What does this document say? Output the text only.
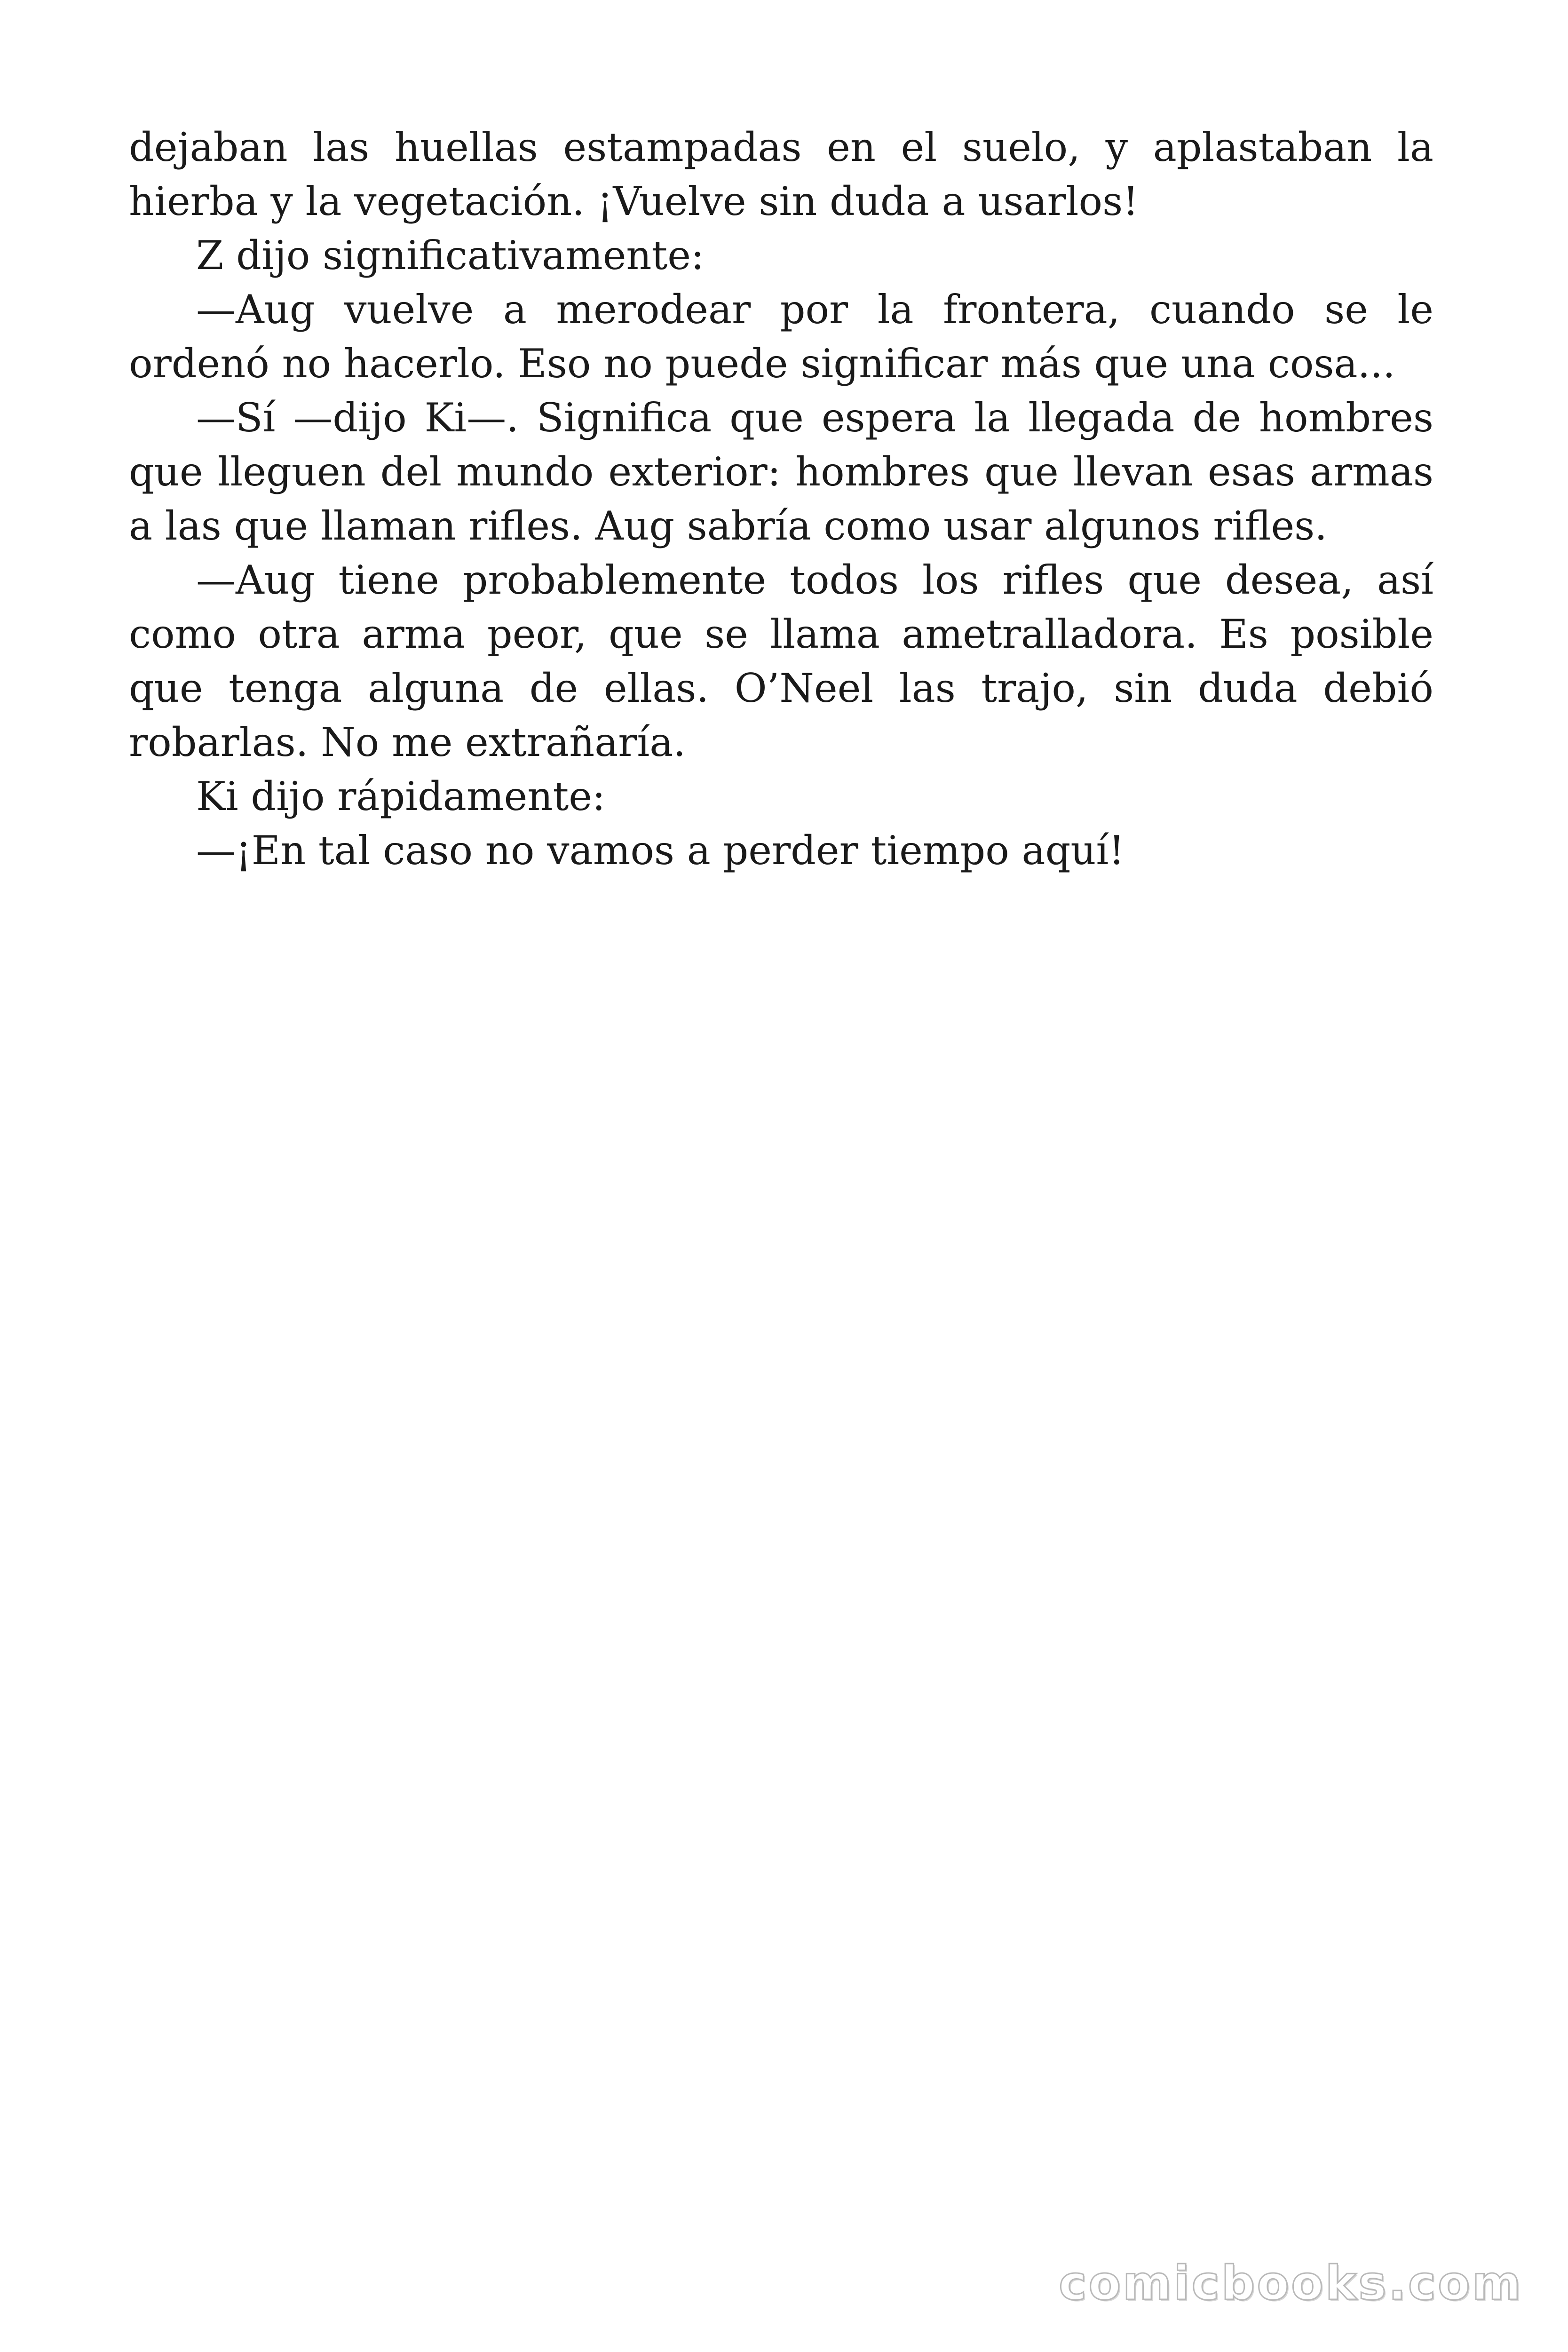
dejaban las huellas estampadas en el suelo, y aplastaban la hierba y la vegetación. ¡Vuelve sin duda a usarlos!

Z dijo significativamente:

—Aug vuelve a merodear por la frontera, cuando se le ordenó no hacerlo. Eso no puede significar más que una cosa...

—Sí —dijo Ki—. Significa que espera la llegada de hombres que lleguen del mundo exterior: hombres que llevan esas armas a las que llaman rifles. Aug sabría como usar algunos rifles.

—Aug tiene probablemente todos los rifles que desea, así como otra arma peor, que se llama ametralladora. Es posible que tenga alguna de ellas. O’Neel las trajo, sin duda debió robarlas. No me extrañaría.

Ki dijo rápidamente:

—¡En tal caso no vamos a perder tiempo aquí!

comicbooks.com
